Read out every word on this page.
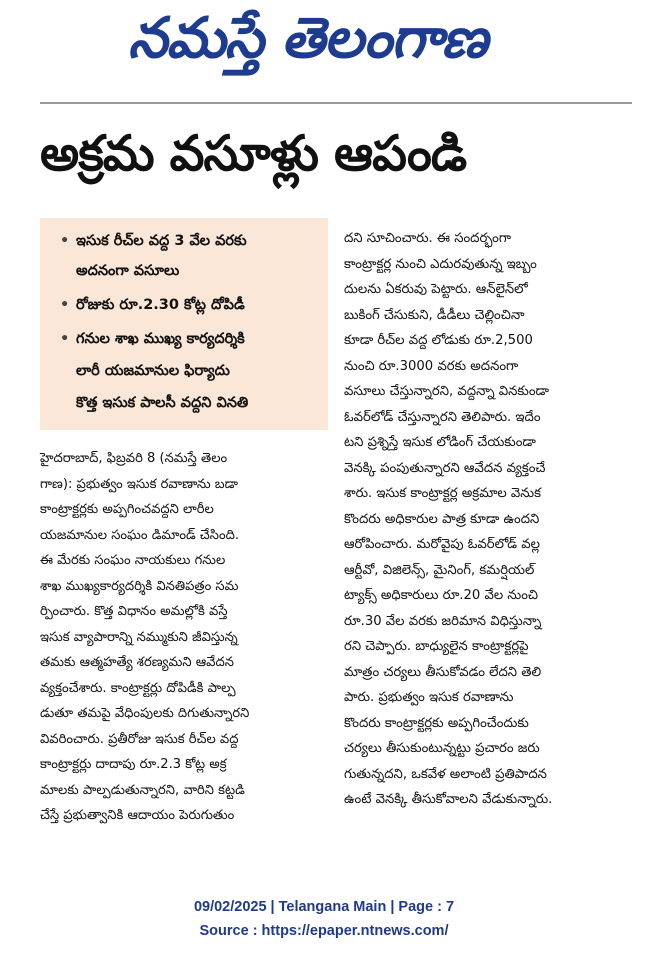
నమస్తే తెలంగాణ
అక్రమ వసూళ్లు ఆపండి
• ఇసుక రీచ్‌ల వద్ద 3 వేల వరకు
అదనంగా వసూలు
• రోజుకు రూ.2.30 కోట్ల దోపిడీ
• గనుల శాఖ ముఖ్య కార్యదర్శికి
లారీ యజమానుల ఫిర్యాదు
కొత్త ఇసుక పాలసీ వద్దని వినతి
దని సూచించారు. ఈ సందర్భంగా
కాంట్రాక్టర్ల నుంచి ఎదురవుతున్న ఇబ్బం
దులను ఏకరువు పెట్టారు. ఆన్‌లైన్‌లో
బుకింగ్ చేసుకుని, డీడీలు చెల్లించినా
కూడా రీచ్‌ల వద్ద లోడుకు రూ.2,500
నుంచి రూ.3000 వరకు అదనంగా
వసూలు చేస్తున్నారని, వద్దన్నా వినకుండా
ఓవర్‌లోడ్ చేస్తున్నారని తెలిపారు. ఇదేం
టని ప్రశ్నిస్తే ఇసుక లోడింగ్ చేయకుండా
వెనక్కి పంపుతున్నారని ఆవేదన వ్యక్తంచే
శారు. ఇసుక కాంట్రాక్టర్ల అక్రమాల వెనుక
కొందరు అధికారుల పాత్ర కూడా ఉందని
ఆరోపించారు. మరోవైపు ఓవర్‌లోడ్ వల్ల
ఆర్టీవో, విజిలెన్స్, మైనింగ్, కమర్షియల్
ట్యాక్స్ అధికారులు రూ.20 వేల నుంచి
రూ.30 వేల వరకు జరిమాన విధిస్తున్నా
రని చెప్పారు. బాధ్యులైన కాంట్రాక్టర్లపై
మాత్రం చర్యలు తీసుకోవడం లేదని తెలి
పారు. ప్రభుత్వం ఇసుక రవాణాను
కొందరు కాంట్రాక్టర్లకు అప్పగించేందుకు
చర్యలు తీసుకుంటున్నట్టు ప్రచారం జరు
గుతున్నదని, ఒకవేళ అలాంటి ప్రతిపాదన
ఉంటే వెనక్కి తీసుకోవాలని వేడుకున్నారు.
హైదరాబాద్, ఫిబ్రవరి 8 (నమస్తే తెలం
గాణ): ప్రభుత్వం ఇసుక రవాణాను బడా
కాంట్రాక్టర్లకు అప్పగించవద్దని లారీల
యజమానుల సంఘం డిమాండ్ చేసింది.
ఈ మేరకు సంఘం నాయకులు గనుల
శాఖ ముఖ్యకార్యదర్శికి వినతిపత్రం సమ
ర్పించారు. కొత్త విధానం అమల్లోకి వస్తే
ఇసుక వ్యాపారాన్ని నమ్ముకుని జీవిస్తున్న
తమకు ఆత్మహత్యే శరణ్యమని ఆవేదన
వ్యక్తంచేశారు. కాంట్రాక్టర్లు దోపిడీకి పాల్ప
డుతూ తమపై వేధింపులకు దిగుతున్నారని
వివరించారు. ప్రతీరోజు ఇసుక రీచ్‌ల వద్ద
కాంట్రాక్టర్లు దాదాపు రూ.2.3 కోట్ల అక్ర
మాలకు పాల్పడుతున్నారని, వారిని కట్టడి
చేస్తే ప్రభుత్వానికి ఆదాయం పెరుగుతుం
09/02/2025 | Telangana Main | Page : 7
Source : https://epaper.ntnews.com/
